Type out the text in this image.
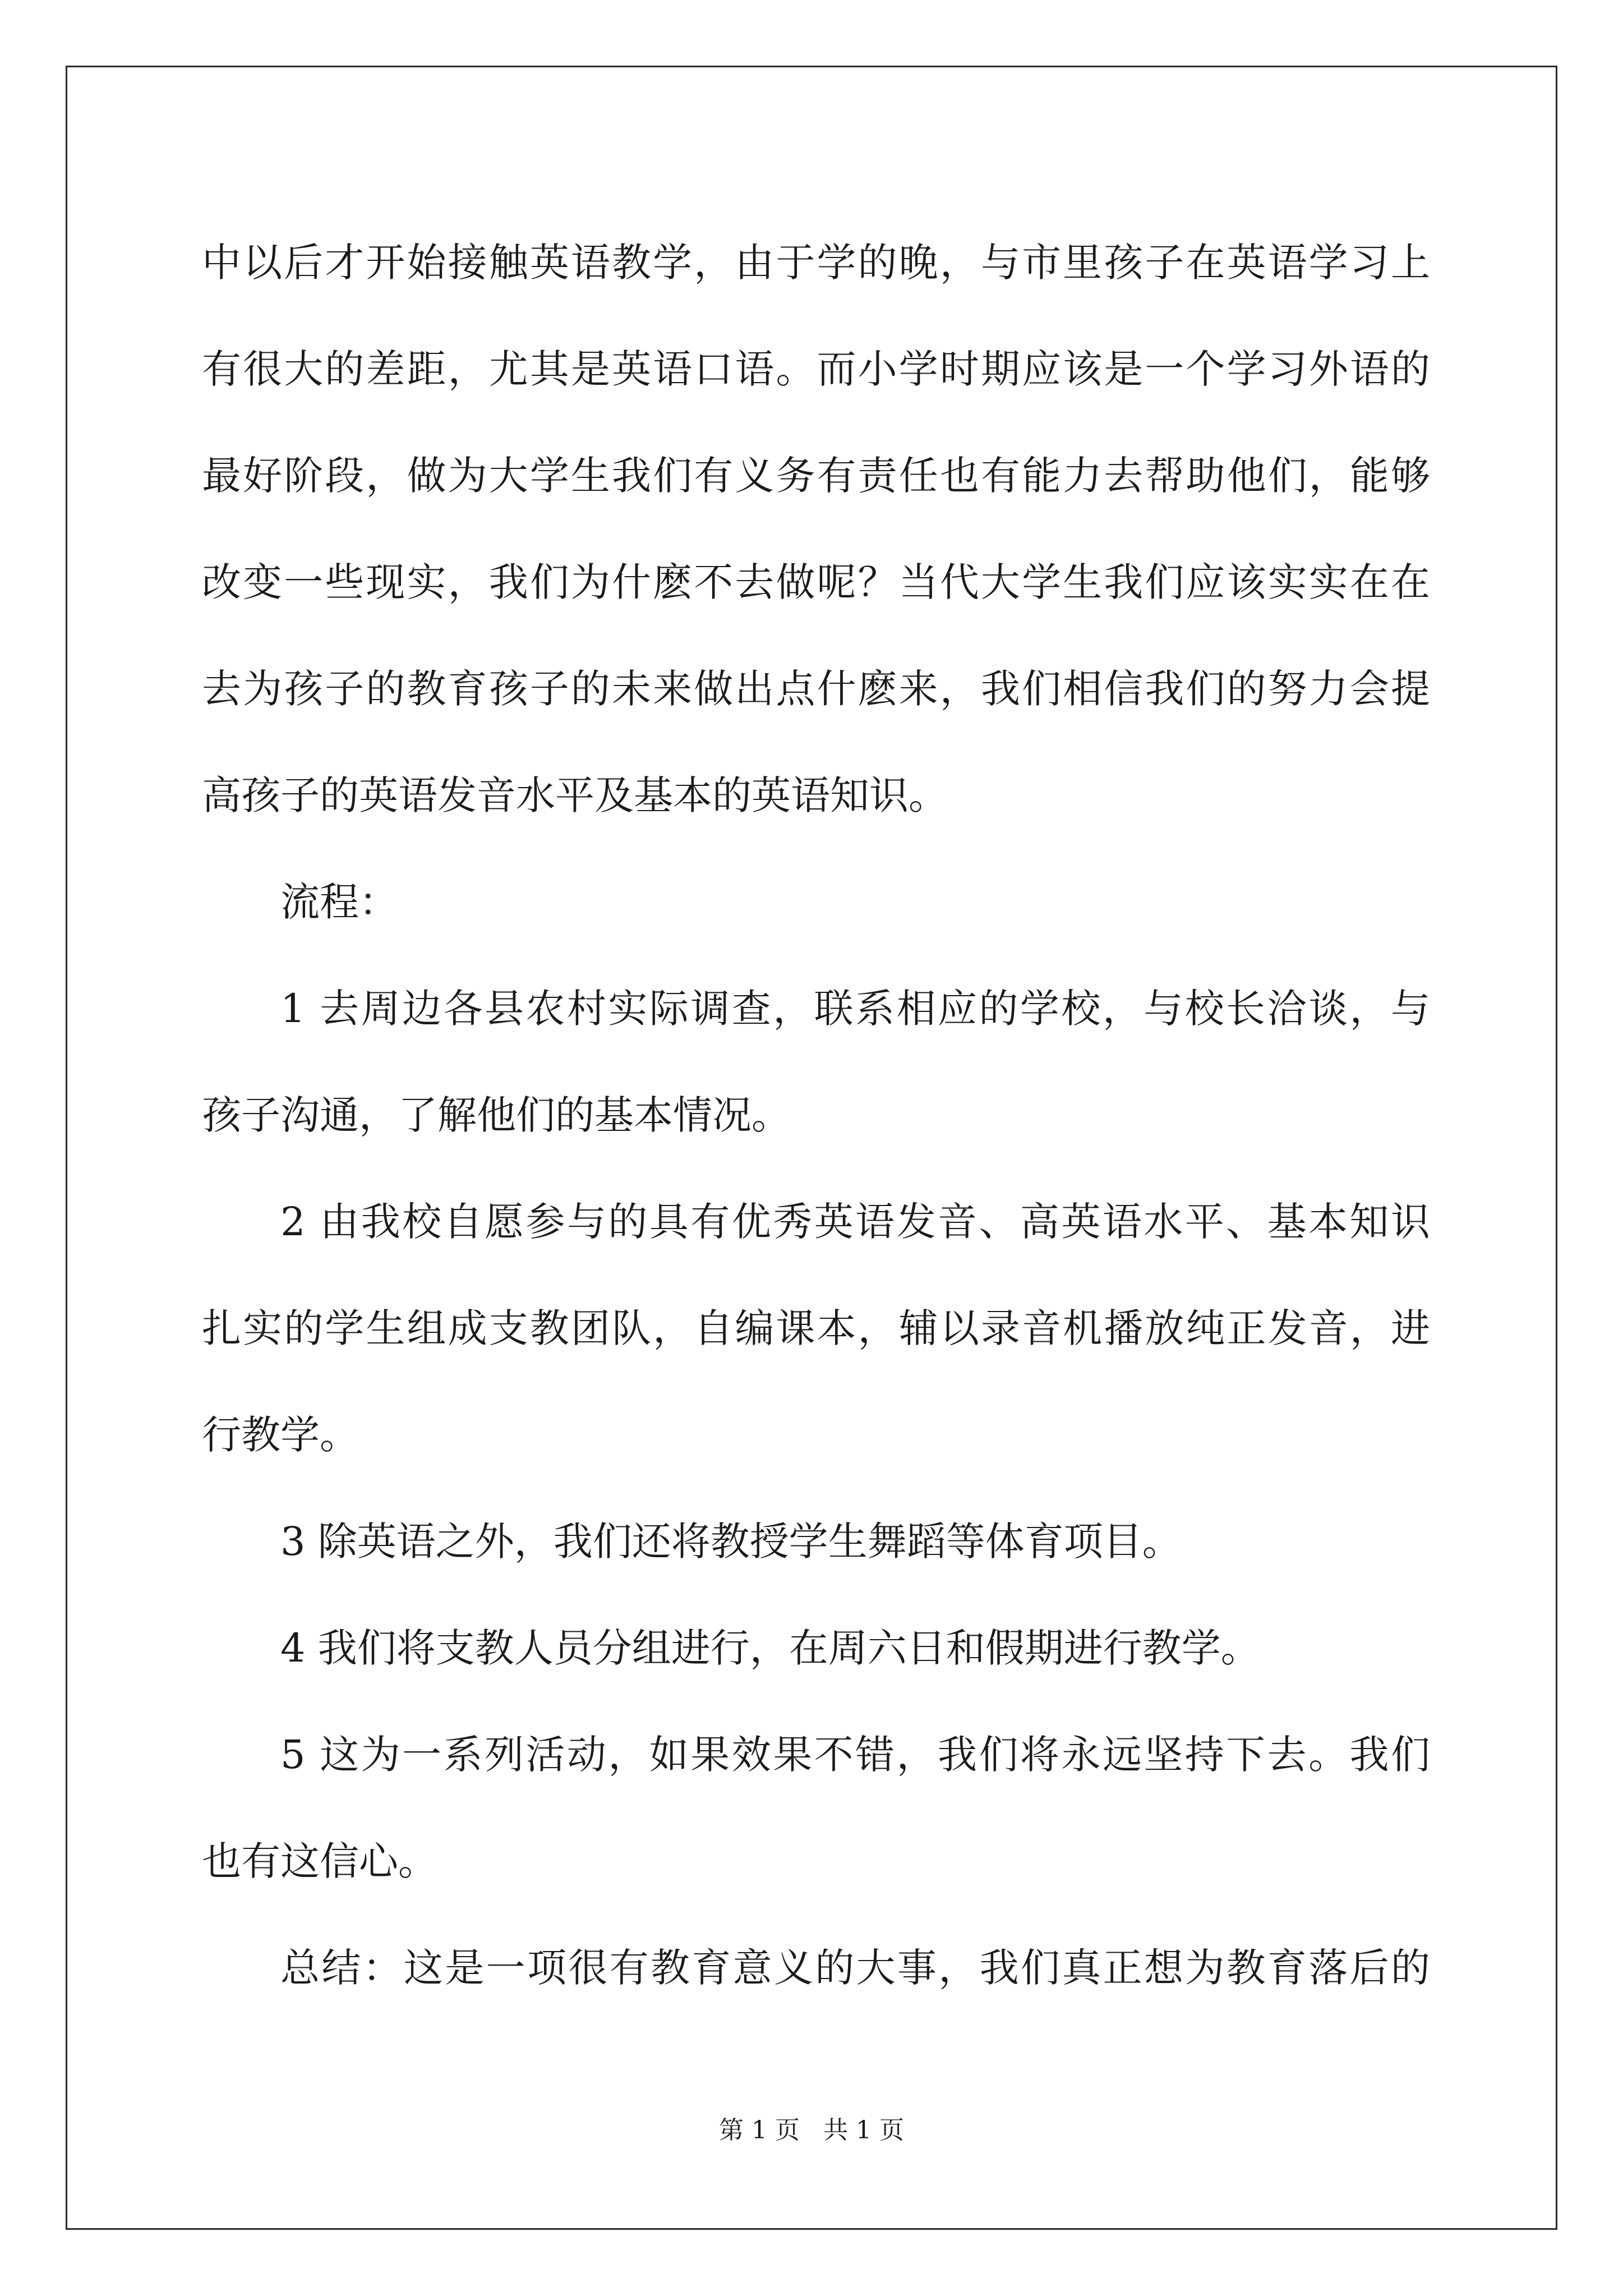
中以后才开始接触英语教学，由于学的晚，与市里孩子在英语学习上

有很大的差距，尤其是英语口语。而小学时期应该是一个学习外语的

最好阶段，做为大学生我们有义务有责任也有能力去帮助他们，能够

改变一些现实，我们为什麽不去做呢？当代大学生我们应该实实在在

去为孩子的教育孩子的未来做出点什麽来，我们相信我们的努力会提

高孩子的英语发音水平及基本的英语知识。

流程：

1 去周边各县农村实际调查，联系相应的学校，与校长洽谈，与

孩子沟通，了解他们的基本情况。

2 由我校自愿参与的具有优秀英语发音、高英语水平、基本知识

扎实的学生组成支教团队，自编课本，辅以录音机播放纯正发音，进

行教学。

3 除英语之外，我们还将教授学生舞蹈等体育项目。

4 我们将支教人员分组进行，在周六日和假期进行教学。

5 这为一系列活动，如果效果不错，我们将永远坚持下去。我们

也有这信心。

总结：这是一项很有教育意义的大事，我们真正想为教育落后的

第 1 页   共 1 页
